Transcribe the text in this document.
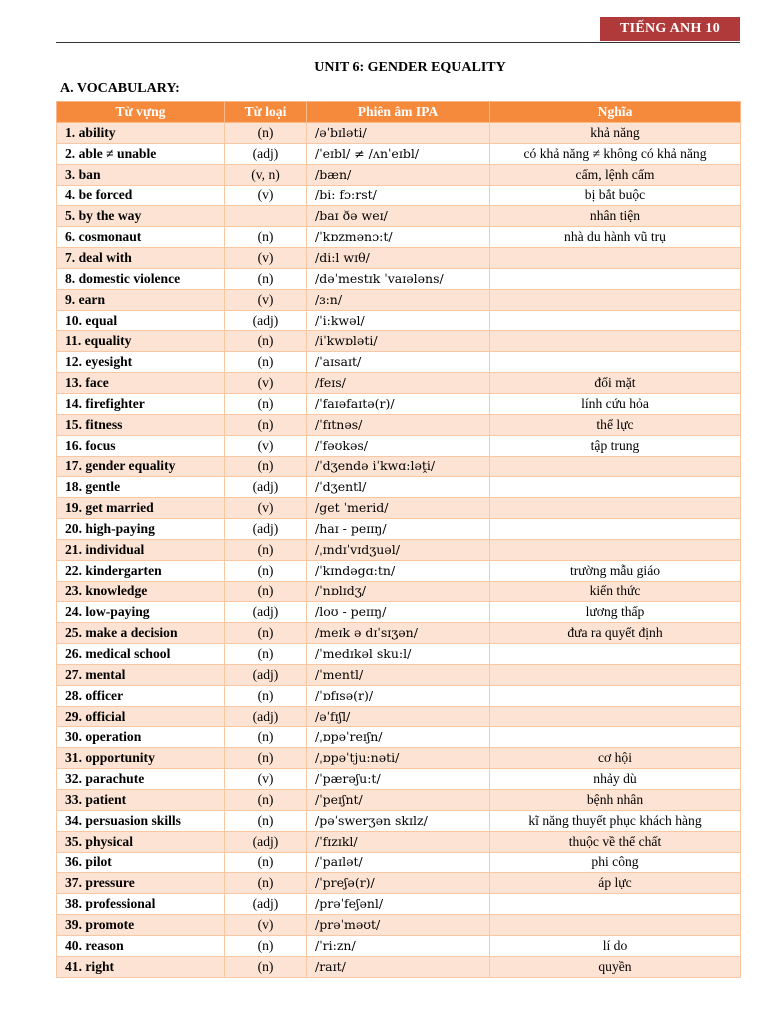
TIẾNG ANH 10
UNIT 6: GENDER EQUALITY
A. VOCABULARY:
Từ vựng	Từ loại	Phiên âm IPA	Nghĩa
1. ability	(n)	/əˈbɪləti/	khả năng
2. able ≠ unable	(adj)	/ˈeɪbl/ ≠ /ʌnˈeɪbl/	có khả năng ≠ không có khả năng
3. ban	(v, n)	/bæn/	cấm, lệnh cấm
4. be forced	(v)	/bi: fɔ:rst/	bị bắt buộc
5. by the way		/baɪ ðə weɪ/	nhân tiện
6. cosmonaut	(n)	/ˈkɒzmənɔ:t/	nhà du hành vũ trụ
7. deal with	(v)	/di:l wɪθ/	
8. domestic violence	(n)	/dəˈmestɪk ˈvaɪələns/	
9. earn	(v)	/ɜ:n/	
10. equal	(adj)	/ˈi:kwəl/	
11. equality	(n)	/iˈkwɒləti/	
12. eyesight	(n)	/ˈaɪsaɪt/	
13. face	(v)	/feɪs/	đối mặt
14. firefighter	(n)	/ˈfaɪəfaɪtə(r)/	lính cứu hỏa
15. fitness	(n)	/ˈfɪtnəs/	thể lực
16. focus	(v)	/ˈfəʊkəs/	tập trung
17. gender equality	(n)	/ˈdʒendə iˈkwɑ:ləṱi/	
18. gentle	(adj)	/ˈdʒentl/	
19. get married	(v)	/get ˈmerid/	
20. high-paying	(adj)	/haɪ - peɪɪŋ/	
21. individual	(n)	/ˌɪndɪˈvɪdʒuəl/	
22. kindergarten	(n)	/ˈkɪndəgɑ:tn/	trường mẫu giáo
23. knowledge	(n)	/ˈnɒlɪdʒ/	kiến thức
24. low-paying	(adj)	/loʊ - peɪɪŋ/	lương thấp
25. make a decision	(n)	/meɪk ə dɪˈsɪʒən/	đưa ra quyết định
26. medical school	(n)	/ˈmedɪkəl sku:l/	
27. mental	(adj)	/ˈmentl/	
28. officer	(n)	/ˈɒfɪsə(r)/	
29. official	(adj)	/əˈfɪʃl/	
30. operation	(n)	/ˌɒpəˈreɪʃn/	
31. opportunity	(n)	/ˌɒpəˈtju:nəti/	cơ hội
32. parachute	(v)	/ˈpærəʃu:t/	nhảy dù
33. patient	(n)	/ˈpeɪʃnt/	bệnh nhân
34. persuasion skills	(n)	/pəˈswerʒən skɪlz/	kĩ năng thuyết phục khách hàng
35. physical	(adj)	/ˈfɪzɪkl/	thuộc về thể chất
36. pilot	(n)	/ˈpaɪlət/	phi công
37. pressure	(n)	/ˈpreʃə(r)/	áp lực
38. professional	(adj)	/prəˈfeʃənl/	
39. promote	(v)	/prəˈməʊt/	
40. reason	(n)	/ˈri:zn/	lí do
41. right	(n)	/raɪt/	quyền
